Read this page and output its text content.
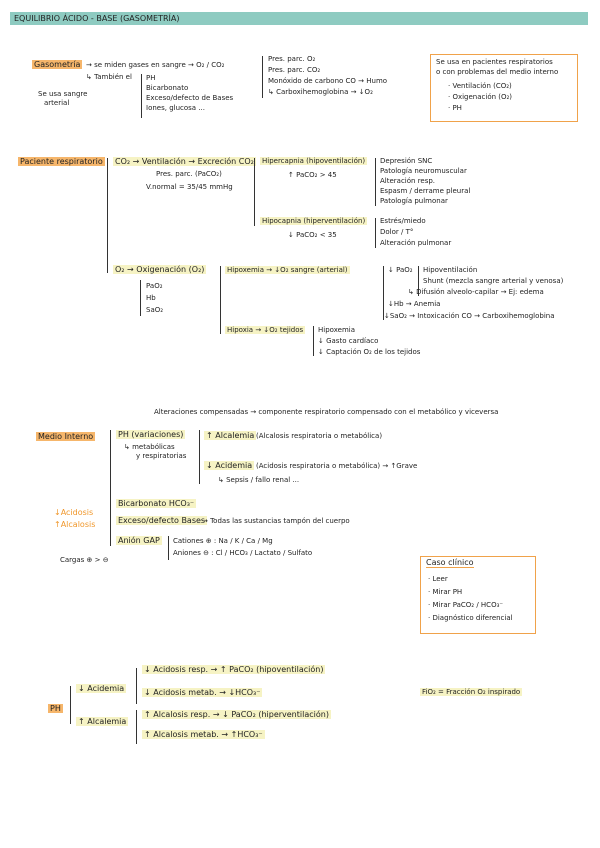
EQUILIBRIO ÁCIDO - BASE (GASOMETRÍA)
Gasometría → se miden gases en sangre → O₂ / CO₂
↳ También el PH
Bicarbonato
Exceso/defecto de Bases
Iones, glucosa ...
Se usa sangre
arterial
Pres. parc. O₂
Pres. parc. CO₂
Monóxido de carbono CO → Humo
↳ Carboxihemoglobina → ↓O₂
Se usa en pacientes respiratorios
o con problemas del medio interno
· Ventilación (CO₂)
· Oxigenación (O₂)
· PH
Paciente respiratorio CO₂ → Ventilación → Excreción CO₂
Pres. parc. (PaCO₂)
V.normal = 35/45 mmHg
Hipercapnia (hipoventilación)
↑ PaCO₂ > 45
Depresión SNC
Patología neuromuscular
Alteración resp.
Espasm / derrame pleural
Patología pulmonar
Hipocapnia (hiperventilación)
↓ PaCO₂ < 35
Estrés/miedo
Dolor / T°
Alteración pulmonar
O₂ → Oxigenación (O₂)
PaO₂
Hb
SaO₂
Hipoxemia → ↓O₂ sangre (arterial)	↓ PaO₂ Hipoventilación
Shunt (mezcla sangre arterial y venosa)
↳ Difusión alveolo-capilar → Ej: edema
↓Hb → Anemia
↓SaO₂ → Intoxicación CO → Carboxihemoglobina
Hipoxia → ↓O₂ tejidos Hipoxemia
↓ Gasto cardíaco
↓ Captación O₂ de los tejidos
Alteraciones compensadas → componente respiratorio compensado con el metabólico y viceversa
Medio Interno	PH (variaciones)
↳ metabólicas
y respiratorias
↑ Alcalemia (Alcalosis respiratoria o metabólica)
↓ Acidemia (Acidosis respiratoria o metabólica) → ↑Grave
↳ Sepsis / fallo renal ...
Bicarbonato HCO₃⁻
Exceso/defecto Bases
→ Todas las sustancias tampón del cuerpo
↓Acidosis
↑Alcalosis
Anión GAP Cationes ⊕ : Na / K / Ca / Mg
Aniones ⊖ : Cl / HCO₃ / Lactato / Sulfato
Cargas ⊕ > ⊖	Caso clínico
· Leer
· Mirar PH
· Mirar PaCO₂ / HCO₃⁻
· Diagnóstico diferencial
PH
↓ Acidemia
↑ Alcalemia
↓ Acidosis resp. → ↑ PaCO₂ (hipoventilación)
↓ Acidosis metab. → ↓HCO₃⁻
↑ Alcalosis resp. → ↓ PaCO₂ (hiperventilación)
↑ Alcalosis metab. → ↑HCO₃⁻
FiO₂ = Fracción O₂ inspirado
